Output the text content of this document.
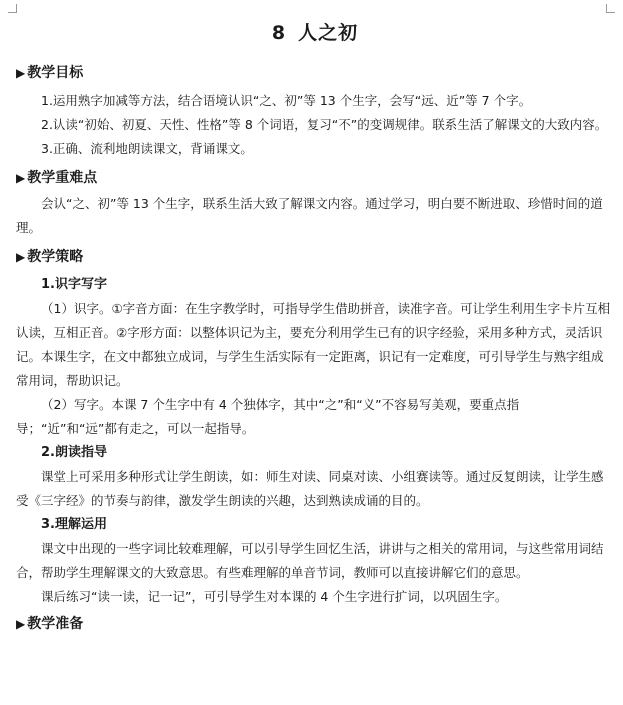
8 人之初
▶ 教学目标

1.运用熟字加减等方法，结合语境认识“之、初”等 13 个生字，会写“远、近”等 7 个字。

2.认读“初始、初夏、天性、性格”等 8 个词语，复习“不”的变调规律。联系生活了解课文的大致内容。

3.正确、流利地朗读课文，背诵课文。

▶ 教学重难点

会认“之、初”等 13 个生字，联系生活大致了解课文内容。通过学习，明白要不断进取、珍惜时间的道理。

▶ 教学策略
1.识字写字

（1）识字。①字音方面：在生字教学时，可指导学生借助拼音，读准字音。可让学生利用生字卡片互相认读，互相正音。②字形方面：以整体识记为主，要充分利用学生已有的识字经验，采用多种方式，灵活识记。本课生字，在文中都独立成词，与学生生活实际有一定距离，识记有一定难度，可引导学生与熟字组成常用词，帮助识记。

（2）写字。本课 7 个生字中有 4 个独体字，其中“之”和“义”不容易写美观，要重点指导；“近”和“远”都有走之，可以一起指导。

2.朗读指导

课堂上可采用多种形式让学生朗读，如：师生对读、同桌对读、小组赛读等。通过反复朗读，让学生感受《三字经》的节奏与韵律，激发学生朗读的兴趣，达到熟读成诵的目的。

3.理解运用

课文中出现的一些字词比较难理解，可以引导学生回忆生活，讲讲与之相关的常用词，与这些常用词结合，帮助学生理解课文的大致意思。有些难理解的单音节词，教师可以直接讲解它们的意思。

课后练习“读一读，记一记”，可引导学生对本课的 4 个生字进行扩词，以巩固生字。

▶ 教学准备
